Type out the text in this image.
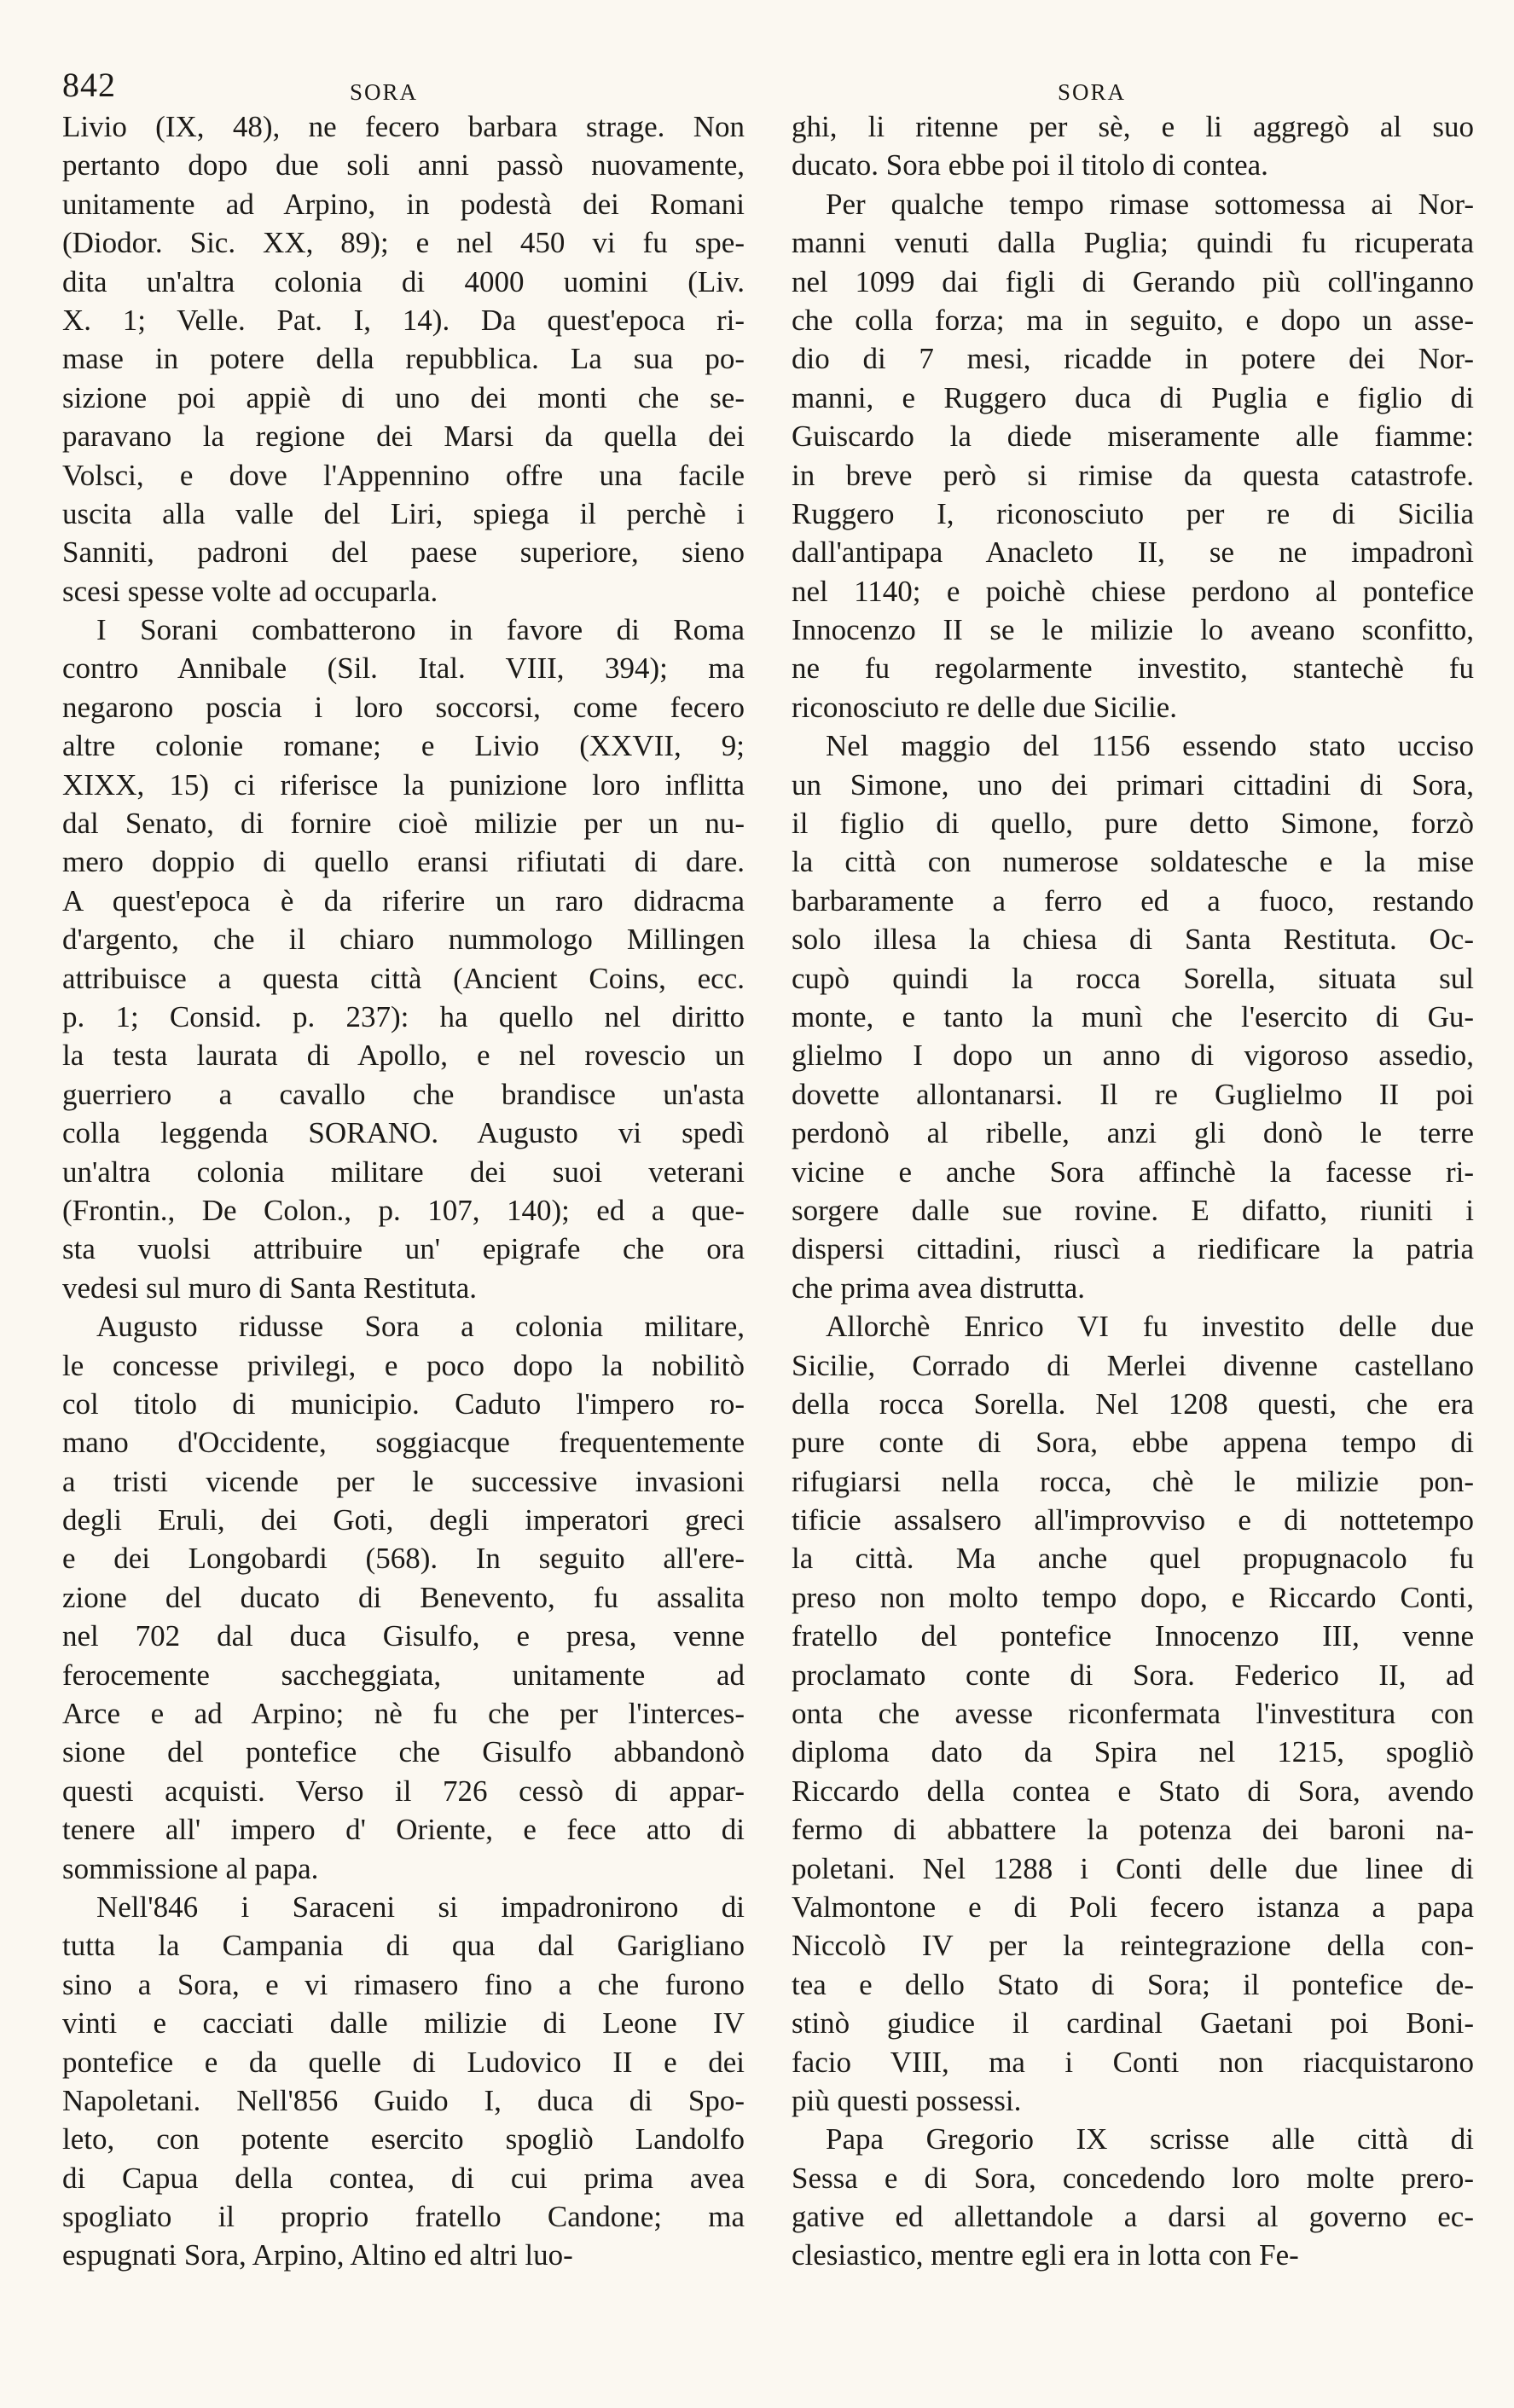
842	SORA	SORA
Livio (IX, 48), ne fecero barbara strage. Non
pertanto dopo due soli anni passò nuovamente,
unitamente ad Arpino, in podestà dei Romani
(Diodor. Sic. XX, 89); e nel 450 vi fu spe-
dita un'altra colonia di 4000 uomini (Liv.
X. 1; Velle. Pat. I, 14). Da quest'epoca ri-
mase in potere della repubblica. La sua po-
sizione poi appiè di uno dei monti che se-
paravano la regione dei Marsi da quella dei
Volsci, e dove l'Appennino offre una facile
uscita alla valle del Liri, spiega il perchè i
Sanniti, padroni del paese superiore, sieno
scesi spesse volte ad occuparla.
I Sorani combatterono in favore di Roma
contro Annibale (Sil. Ital. VIII, 394); ma
negarono poscia i loro soccorsi, come fecero
altre colonie romane; e Livio (XXVII, 9;
XIXX, 15) ci riferisce la punizione loro inflitta
dal Senato, di fornire cioè milizie per un nu-
mero doppio di quello eransi rifiutati di dare.
A quest'epoca è da riferire un raro didracma
d'argento, che il chiaro nummologo Millingen
attribuisce a questa città (Ancient Coins, ecc.
p. 1; Consid. p. 237): ha quello nel diritto
la testa laurata di Apollo, e nel rovescio un
guerriero a cavallo che brandisce un'asta
colla leggenda SORANO. Augusto vi spedì
un'altra colonia militare dei suoi veterani
(Frontin., De Colon., p. 107, 140); ed a que-
sta vuolsi attribuire un' epigrafe che ora
vedesi sul muro di Santa Restituta.
Augusto ridusse Sora a colonia militare,
le concesse privilegi, e poco dopo la nobilitò
col titolo di municipio. Caduto l'impero ro-
mano d'Occidente, soggiacque frequentemente
a tristi vicende per le successive invasioni
degli Eruli, dei Goti, degli imperatori greci
e dei Longobardi (568). In seguito all'ere-
zione del ducato di Benevento, fu assalita
nel 702 dal duca Gisulfo, e presa, venne
ferocemente saccheggiata, unitamente ad
Arce e ad Arpino; nè fu che per l'interces-
sione del pontefice che Gisulfo abbandonò
questi acquisti. Verso il 726 cessò di appar-
tenere all' impero d' Oriente, e fece atto di
sommissione al papa.
Nell'846 i Saraceni si impadronirono di
tutta la Campania di qua dal Garigliano
sino a Sora, e vi rimasero fino a che furono
vinti e cacciati dalle milizie di Leone IV
pontefice e da quelle di Ludovico II e dei
Napoletani. Nell'856 Guido I, duca di Spo-
leto, con potente esercito spogliò Landolfo
di Capua della contea, di cui prima avea
spogliato il proprio fratello Candone; ma
espugnati Sora, Arpino, Altino ed altri luo-
ghi, li ritenne per sè, e li aggregò al suo
ducato. Sora ebbe poi il titolo di contea.
Per qualche tempo rimase sottomessa ai Nor-
manni venuti dalla Puglia; quindi fu ricuperata
nel 1099 dai figli di Gerando più coll'inganno
che colla forza; ma in seguito, e dopo un asse-
dio di 7 mesi, ricadde in potere dei Nor-
manni, e Ruggero duca di Puglia e figlio di
Guiscardo la diede miseramente alle fiamme:
in breve però si rimise da questa catastrofe.
Ruggero I, riconosciuto per re di Sicilia
dall'antipapa Anacleto II, se ne impadronì
nel 1140; e poichè chiese perdono al pontefice
Innocenzo II se le milizie lo aveano sconfitto,
ne fu regolarmente investito, stantechè fu
riconosciuto re delle due Sicilie.
Nel maggio del 1156 essendo stato ucciso
un Simone, uno dei primari cittadini di Sora,
il figlio di quello, pure detto Simone, forzò
la città con numerose soldatesche e la mise
barbaramente a ferro ed a fuoco, restando
solo illesa la chiesa di Santa Restituta. Oc-
cupò quindi la rocca Sorella, situata sul
monte, e tanto la munì che l'esercito di Gu-
glielmo I dopo un anno di vigoroso assedio,
dovette allontanarsi. Il re Guglielmo II poi
perdonò al ribelle, anzi gli donò le terre
vicine e anche Sora affinchè la facesse ri-
sorgere dalle sue rovine. E difatto, riuniti i
dispersi cittadini, riuscì a riedificare la patria
che prima avea distrutta.
Allorchè Enrico VI fu investito delle due
Sicilie, Corrado di Merlei divenne castellano
della rocca Sorella. Nel 1208 questi, che era
pure conte di Sora, ebbe appena tempo di
rifugiarsi nella rocca, chè le milizie pon-
tificie assalsero all'improvviso e di nottetempo
la città. Ma anche quel propugnacolo fu
preso non molto tempo dopo, e Riccardo Conti,
fratello del pontefice Innocenzo III, venne
proclamato conte di Sora. Federico II, ad
onta che avesse riconfermata l'investitura con
diploma dato da Spira nel 1215, spogliò
Riccardo della contea e Stato di Sora, avendo
fermo di abbattere la potenza dei baroni na-
poletani. Nel 1288 i Conti delle due linee di
Valmontone e di Poli fecero istanza a papa
Niccolò IV per la reintegrazione della con-
tea e dello Stato di Sora; il pontefice de-
stinò giudice il cardinal Gaetani poi Boni-
facio VIII, ma i Conti non riacquistarono
più questi possessi.
Papa Gregorio IX scrisse alle città di
Sessa e di Sora, concedendo loro molte prero-
gative ed allettandole a darsi al governo ec-
clesiastico, mentre egli era in lotta con Fe-
